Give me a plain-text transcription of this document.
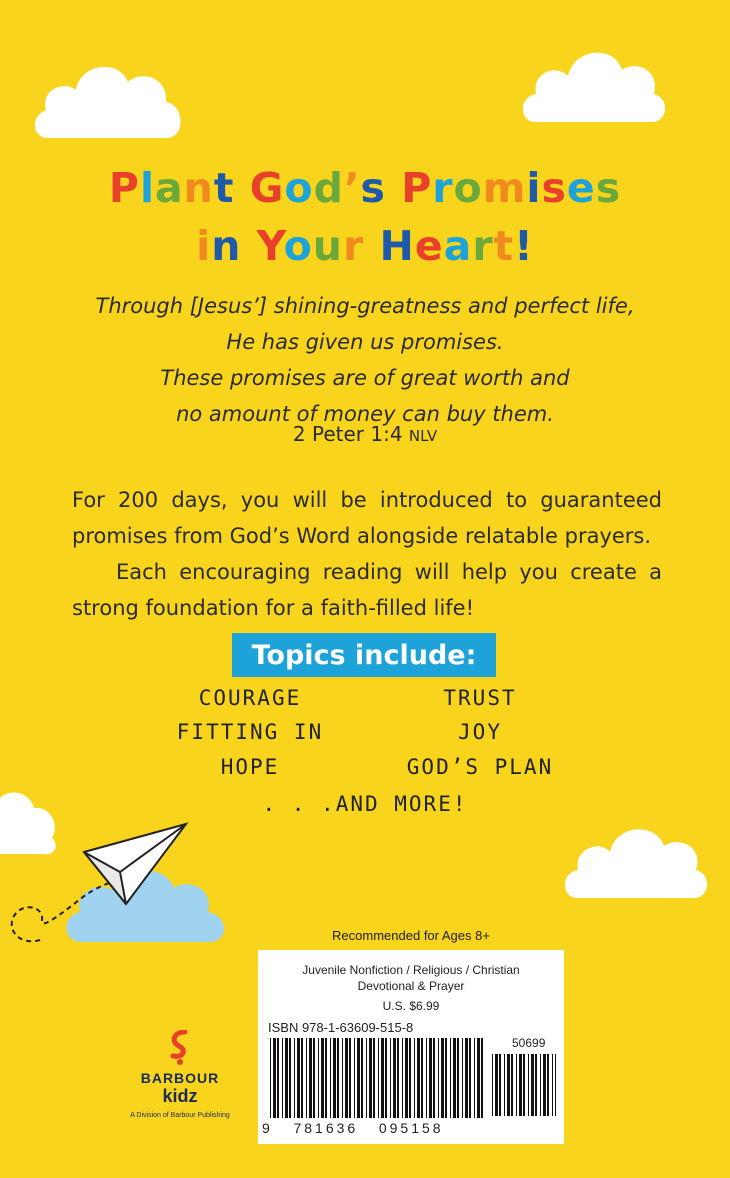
Plant God’s Promises
in Your Heart!
Through [Jesus’] shining-greatness and perfect life,
He has given us promises.
These promises are of great worth and
no amount of money can buy them.
2 Peter 1:4 NLV

For 200 days, you will be introduced to guaranteed promises from God’s Word alongside relatable prayers.

Each encouraging reading will help you create a strong foundation for a faith-filled life!

Topics include:
COURAGE	TRUST
FITTING IN	JOY
HOPE	GOD’S PLAN
. . .AND MORE!
Recommended for Ages 8+
Juvenile Nonfiction / Religious / Christian
Devotional & Prayer
U.S. $6.99
ISBN 978-1-63609-515-8
50699
9   781636   095158
BARBOUR
kidz
A Division of Barbour Publishing
